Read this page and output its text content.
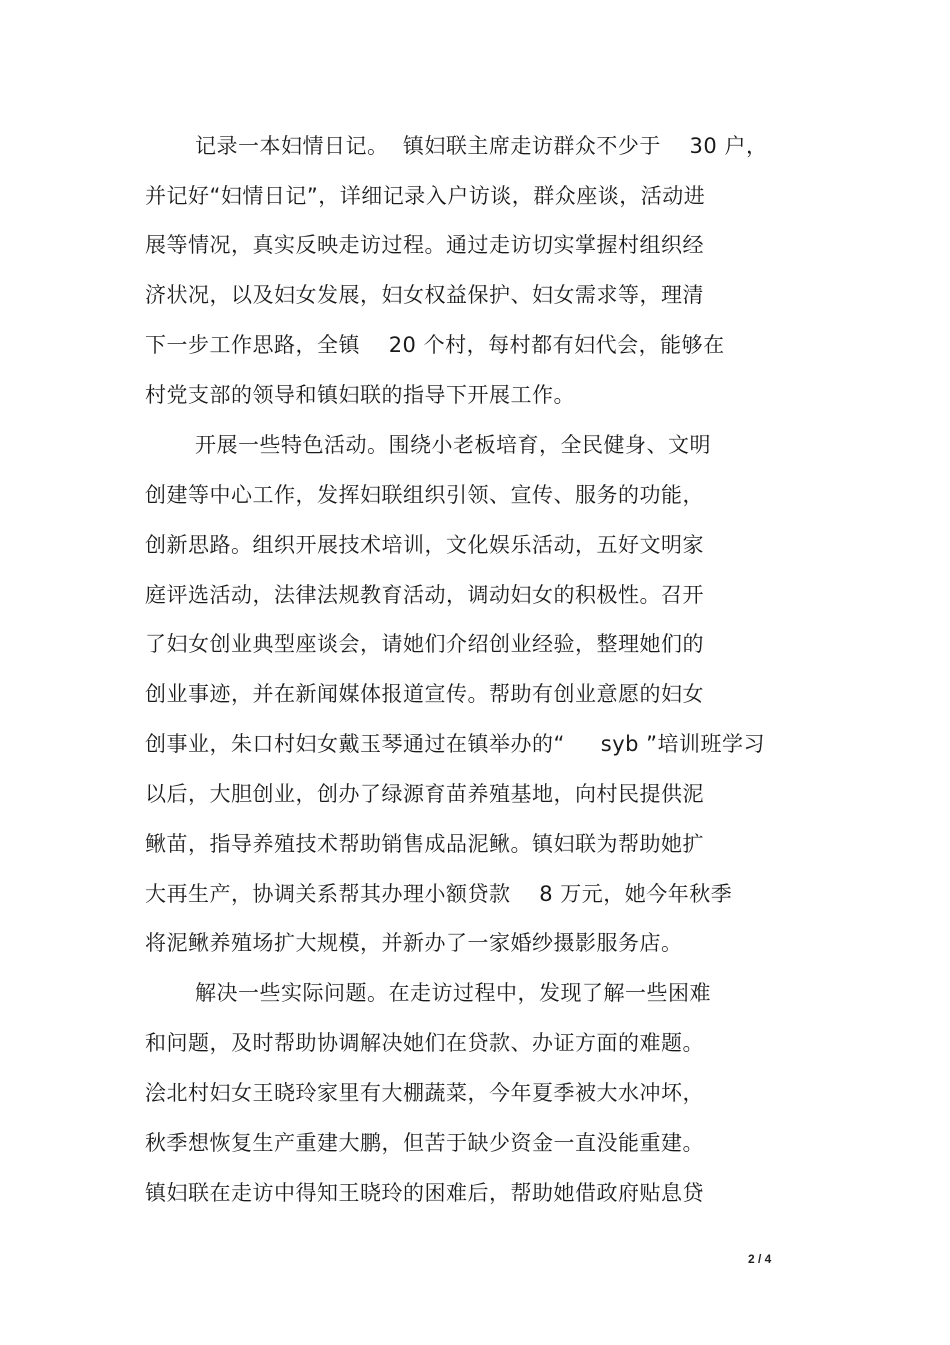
记录一本妇情日记。  镇妇联主席走访群众不少于    30 户，
并记好“妇情日记”，详细记录入户访谈，群众座谈，活动进
展等情况，真实反映走访过程。通过走访切实掌握村组织经
济状况，以及妇女发展，妇女权益保护、妇女需求等，理清
下一步工作思路，全镇    20 个村，每村都有妇代会，能够在
村党支部的领导和镇妇联的指导下开展工作。
开展一些特色活动。围绕小老板培育，全民健身、文明
创建等中心工作，发挥妇联组织引领、宣传、服务的功能，
创新思路。组织开展技术培训，文化娱乐活动，五好文明家
庭评选活动，法律法规教育活动，调动妇女的积极性。召开
了妇女创业典型座谈会，请她们介绍创业经验，整理她们的
创业事迹，并在新闻媒体报道宣传。帮助有创业意愿的妇女
创事业，朱口村妇女戴玉琴通过在镇举办的“     syb ”培训班学习
以后，大胆创业，创办了绿源育苗养殖基地，向村民提供泥
鳅苗，指导养殖技术帮助销售成品泥鳅。镇妇联为帮助她扩
大再生产，协调关系帮其办理小额贷款    8 万元，她今年秋季
将泥鳅养殖场扩大规模，并新办了一家婚纱摄影服务店。
解决一些实际问题。在走访过程中，发现了解一些困难
和问题，及时帮助协调解决她们在贷款、办证方面的难题。
浍北村妇女王晓玲家里有大棚蔬菜，今年夏季被大水冲坏，
秋季想恢复生产重建大鹏，但苦于缺少资金一直没能重建。
镇妇联在走访中得知王晓玲的困难后，帮助她借政府贴息贷
2 / 4
